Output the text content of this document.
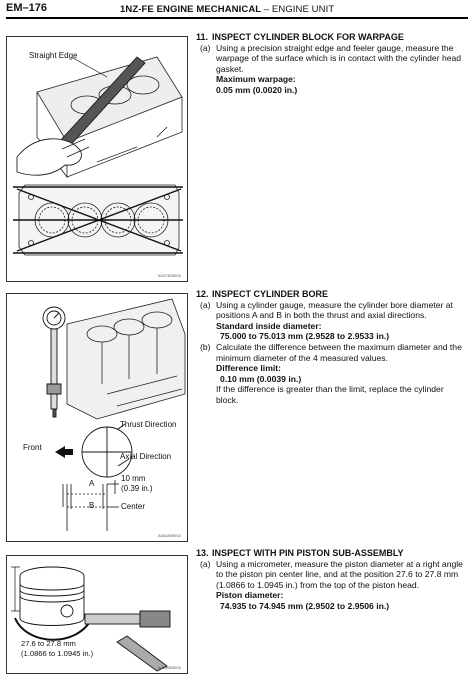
EM–176	1NZ-FE ENGINE MECHANICAL – ENGINE UNIT
Straight Edge
A037393E02
Thrust Direction
Front
Axial Direction
A
B
10 mm
(0.39 in.)
Center
A081895E02
27.6 to 27.8 mm
(1.0866 to 1.0945 in.)
A059066E02
11. INSPECT CYLINDER BLOCK FOR WARPAGE
(a) Using a precision straight edge and feeler gauge, measure the warpage of the surface which is in contact with the cylinder head gasket.
Maximum warpage:
0.05 mm (0.0020 in.)
12. INSPECT CYLINDER BORE
(a) Using a cylinder gauge, measure the cylinder bore diameter at positions A and B in both the thrust and axial directions.
Standard inside diameter:
75.000 to 75.013 mm (2.9528 to 2.9533 in.)
(b) Calculate the difference between the maximum diameter and the minimum diameter of the 4 measured values.
Difference limit:
0.10 mm (0.0039 in.)
If the difference is greater than the limit, replace the cylinder block.
13. INSPECT WITH PIN PISTON SUB-ASSEMBLY
(a) Using a micrometer, measure the piston diameter at a right angle to the piston pin center line, and at the position 27.6 to 27.8 mm (1.0866 to 1.0945 in.) from the top of the piston head.
Piston diameter:
74.935 to 74.945 mm (2.9502 to 2.9506 in.)
